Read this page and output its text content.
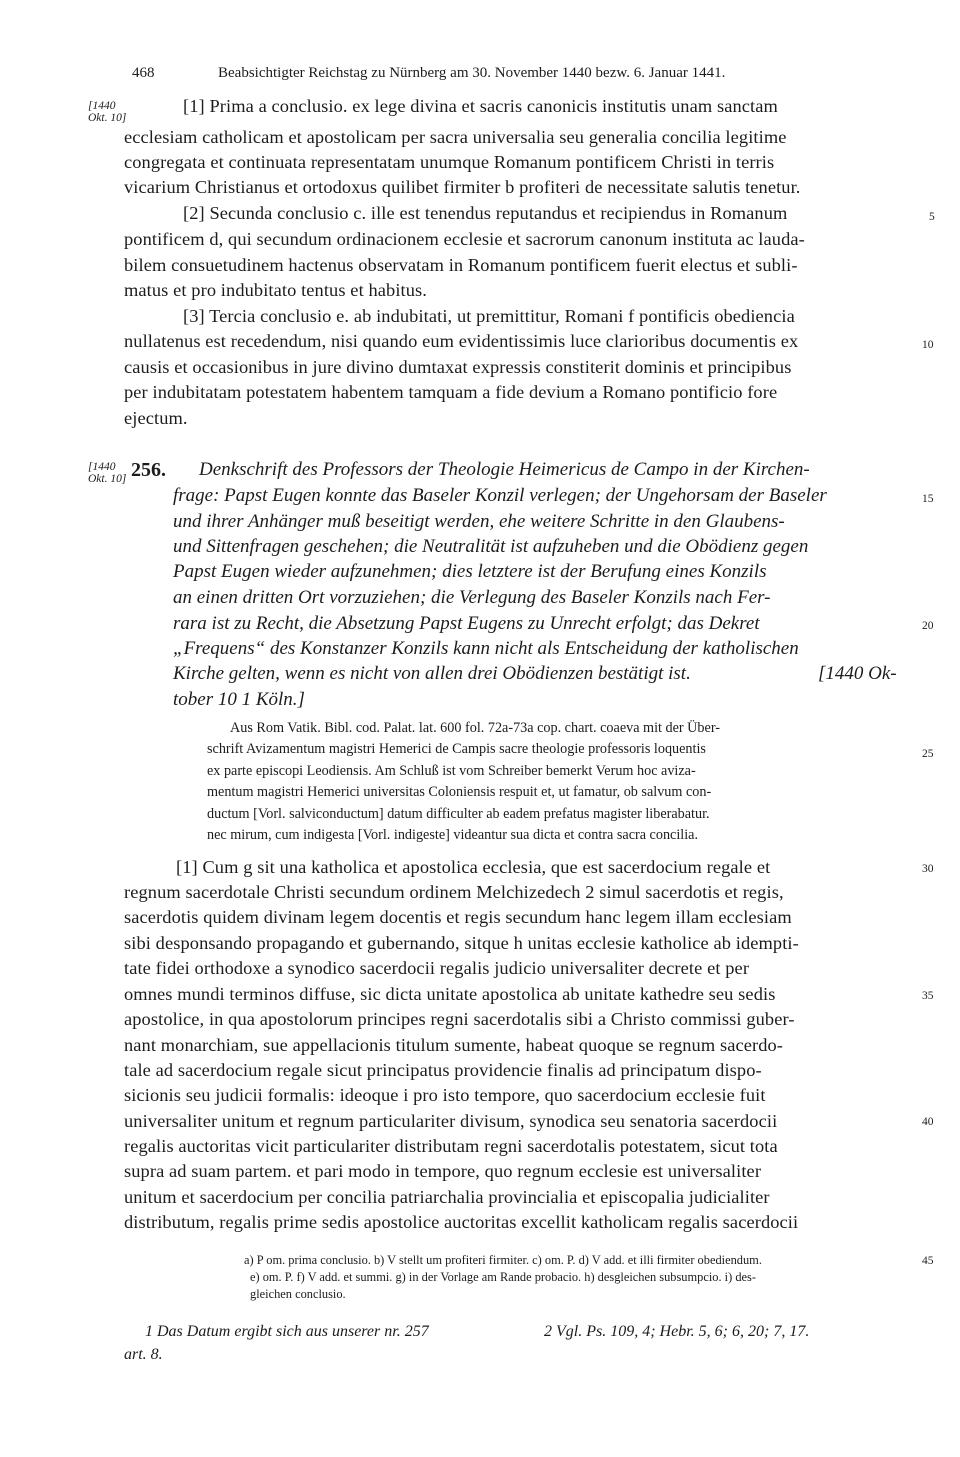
468	Beabsichtigter Reichstag zu Nürnberg am 30. November 1440 bezw. 6. Januar 1441.
[1440
Okt. 10]
[1440
Okt. 10]
[1] Prima a conclusio. ex lege divina et sacris canonicis institutis unam sanctam
ecclesiam catholicam et apostolicam per sacra universalia seu generalia concilia legitime
congregata et continuata representatam unumque Romanum pontificem Christi in terris
vicarium Christianus et ortodoxus quilibet firmiter b profiteri de necessitate salutis tenetur.
[2] Secunda conclusio c. ille est tenendus reputandus et recipiendus in Romanum
pontificem d, qui secundum ordinacionem ecclesie et sacrorum canonum instituta ac lauda-
bilem consuetudinem hactenus observatam in Romanum pontificem fuerit electus et subli-
matus et pro indubitato tentus et habitus.
[3] Tercia conclusio e. ab indubitati, ut premittitur, Romani f pontificis obediencia
nullatenus est recedendum, nisi quando eum evidentissimis luce clarioribus documentis ex
causis et occasionibus in jure divino dumtaxat expressis constiterit dominis et principibus
per indubitatam potestatem habentem tamquam a fide devium a Romano pontificio fore
ejectum.
256. Denkschrift des Professors der Theologie Heimericus de Campo in der Kirchen-
frage: Papst Eugen konnte das Baseler Konzil verlegen; der Ungehorsam der Baseler
und ihrer Anhänger muß beseitigt werden, ehe weitere Schritte in den Glaubens-
und Sittenfragen geschehen; die Neutralität ist aufzuheben und die Obödienz gegen
Papst Eugen wieder aufzunehmen; dies letztere ist der Berufung eines Konzils
an einen dritten Ort vorzuziehen; die Verlegung des Baseler Konzils nach Fer-
rara ist zu Recht, die Absetzung Papst Eugens zu Unrecht erfolgt; das Dekret
„Frequens“ des Konstanzer Konzils kann nicht als Entscheidung der katholischen
Kirche gelten, wenn es nicht von allen drei Obödienzen bestätigt ist.	[1440 Ok-
tober 10 1 Köln.]
Aus Rom Vatik. Bibl. cod. Palat. lat. 600 fol. 72a-73a cop. chart. coaeva mit der Über-
schrift Avizamentum magistri Hemerici de Campis sacre theologie professoris loquentis
ex parte episcopi Leodiensis. Am Schluß ist vom Schreiber bemerkt Verum hoc aviza-
mentum magistri Hemerici universitas Coloniensis respuit et, ut famatur, ob salvum con-
ductum [Vorl. salviconductum] datum difficulter ab eadem prefatus magister liberabatur.
nec mirum, cum indigesta [Vorl. indigeste] videantur sua dicta et contra sacra concilia.
[1] Cum g sit una katholica et apostolica ecclesia, que est sacerdocium regale et
regnum sacerdotale Christi secundum ordinem Melchizedech 2 simul sacerdotis et regis,
sacerdotis quidem divinam legem docentis et regis secundum hanc legem illam ecclesiam
sibi desponsando propagando et gubernando, sitque h unitas ecclesie katholice ab idempti-
tate fidei orthodoxe a synodico sacerdocii regalis judicio universaliter decrete et per
omnes mundi terminos diffuse, sic dicta unitate apostolica ab unitate kathedre seu sedis
apostolice, in qua apostolorum principes regni sacerdotalis sibi a Christo commissi guber-
nant monarchiam, sue appellacionis titulum sumente, habeat quoque se regnum sacerdo-
tale ad sacerdocium regale sicut principatus providencie finalis ad principatum dispo-
sicionis seu judicii formalis: ideoque i pro isto tempore, quo sacerdocium ecclesie fuit
universaliter unitum et regnum particulariter divisum, synodica seu senatoria sacerdocii
regalis auctoritas vicit particulariter distributam regni sacerdotalis potestatem, sicut tota
supra ad suam partem. et pari modo in tempore, quo regnum ecclesie est universaliter
unitum et sacerdocium per concilia patriarchalia provincialia et episcopalia judicialiter
distributum, regalis prime sedis apostolice auctoritas excellit katholicam regalis sacerdocii
5
10
15
20
25
30
35
40
45
a) P om. prima conclusio. b) V stellt um profiteri firmiter. c) om. P. d) V add. et illi firmiter obediendum.
e) om. P. f) V add. et summi. g) in der Vorlage am Rande probacio. h) desgleichen subsumpcio. i) des-
gleichen conclusio.
1 Das Datum ergibt sich aus unserer nr. 257	2 Vgl. Ps. 109, 4; Hebr. 5, 6; 6, 20; 7, 17.
art. 8.
